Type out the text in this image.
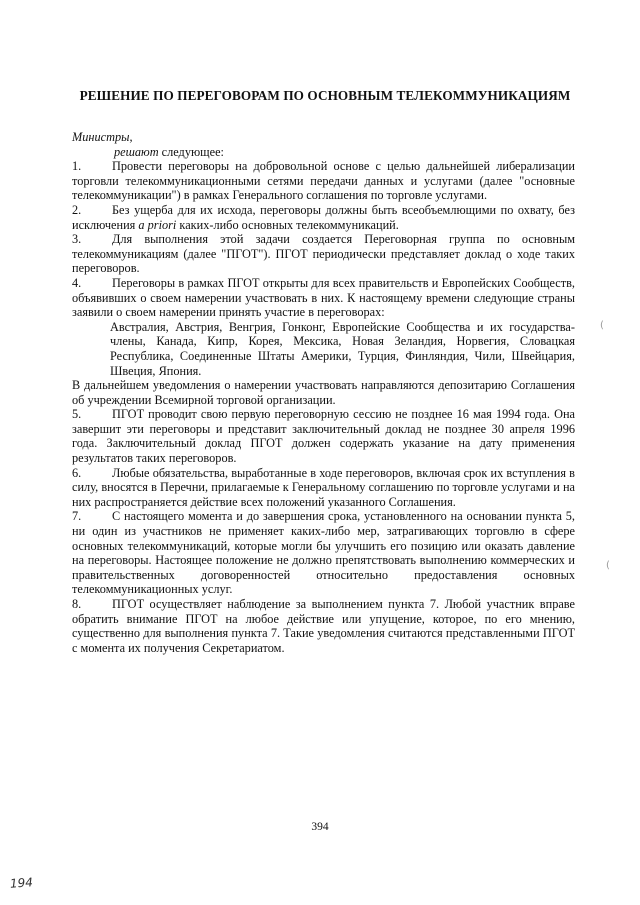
РЕШЕНИЕ ПО ПЕРЕГОВОРАМ ПО ОСНОВНЫМ ТЕЛЕКОММУНИКАЦИЯМ

Министры,

решают следующее:

1.	Провести переговоры на добровольной основе с целью дальнейшей либерализации торговли телекоммуникационными сетями передачи данных и услугами (далее "основные телекоммуникации") в рамках Генерального соглашения по торговле услугами.

2.	Без ущерба для их исхода, переговоры должны быть всеобъемлющими по охвату, без исключения a priori каких-либо основных телекоммуникаций.

3.	Для выполнения этой задачи создается Переговорная группа по основным телекоммуникациям (далее "ПГОТ"). ПГОТ периодически представляет доклад о ходе таких переговоров.

4.	Переговоры в рамках ПГОТ открыты для всех правительств и Европейских Сообществ, объявивших о своем намерении участвовать в них. К настоящему времени следующие страны заявили о своем намерении принять участие в переговорах:

Австралия, Австрия, Венгрия, Гонконг, Европейские Сообщества и их государства-члены, Канада, Кипр, Корея, Мексика, Новая Зеландия, Норвегия, Словацкая Республика, Соединенные Штаты Америки, Турция, Финляндия, Чили, Швейцария, Швеция, Япония.

В дальнейшем уведомления о намерении участвовать направляются депозитарию Соглашения об учреждении Всемирной торговой организации.

5.	ПГОТ проводит свою первую переговорную сессию не позднее 16 мая 1994 года. Она завершит эти переговоры и представит заключительный доклад не позднее 30 апреля 1996 года. Заключительный доклад ПГОТ должен содержать указание на дату применения результатов таких переговоров.

6.	Любые обязательства, выработанные в ходе переговоров, включая срок их вступления в силу, вносятся в Перечни, прилагаемые к Генеральному соглашению по торговле услугами и на них распространяется действие всех положений указанного Соглашения.

7.	С настоящего момента и до завершения срока, установленного на основании пункта 5, ни один из участников не применяет каких-либо мер, затрагивающих торговлю в сфере основных телекоммуникаций, которые могли бы улучшить его позицию или оказать давление на переговоры. Настоящее положение не должно препятствовать выполнению коммерческих и правительственных договоренностей относительно предоставления основных телекоммуникационных услуг.

8.	ПГОТ осуществляет наблюдение за выполнением пункта 7. Любой участник вправе обратить внимание ПГОТ на любое действие или упущение, которое, по его мнению, существенно для выполнения пункта 7. Такие уведомления считаются представленными ПГОТ с момента их получения Секретариатом.

394
194
(
(
